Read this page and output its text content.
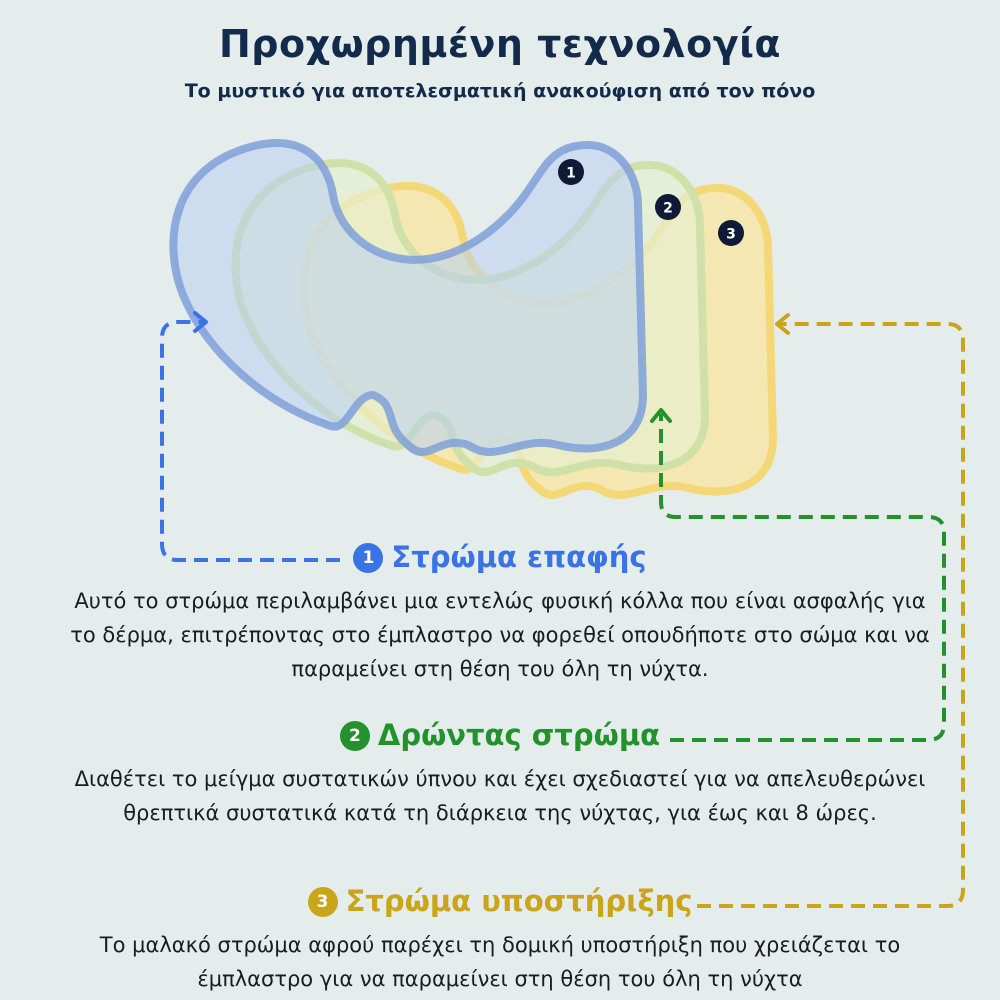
Προχωρημένη τεχνολογία
Το μυστικό για αποτελεσματική ανακούφιση από τον πόνο
1
2
3
1 Στρώμα επαφής
Αυτό το στρώμα περιλαμβάνει μια εντελώς φυσική κόλλα που είναι ασφαλής για το δέρμα, επιτρέποντας στο έμπλαστρο να φορεθεί οπουδήποτε στο σώμα και να παραμείνει στη θέση του όλη τη νύχτα.
2 Δρώντας στρώμα
Διαθέτει το μείγμα συστατικών ύπνου και έχει σχεδιαστεί για να απελευθερώνει θρεπτικά συστατικά κατά τη διάρκεια της νύχτας, για έως και 8 ώρες.
3 Στρώμα υποστήριξης
Το μαλακό στρώμα αφρού παρέχει τη δομική υποστήριξη που χρειάζεται το έμπλαστρο για να παραμείνει στη θέση του όλη τη νύχτα
